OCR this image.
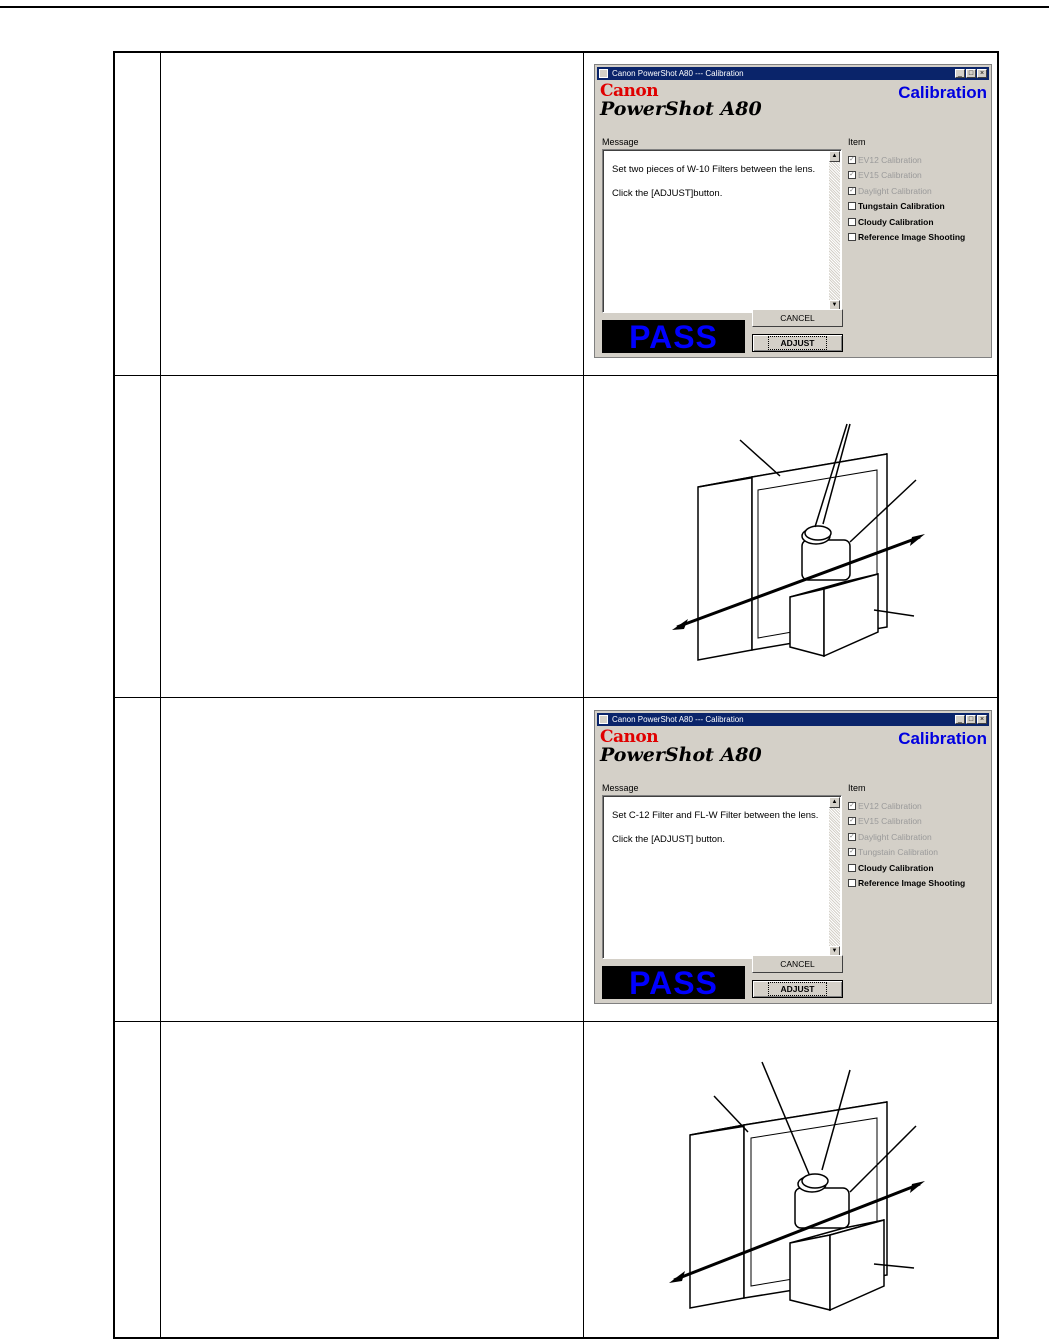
Canon PowerShot A80 --- Calibration	_ □ ×
Canon
PowerShot A80
Calibration
Message	Item
Set two pieces of W-10 Filters between the lens.

Click the [ADJUST]button.
▲
▼
✓ EV12 Calibration
✓ EV15 Calibration
✓ Daylight Calibration
Tungstain Calibration
Cloudy Calibration
Reference Image Shooting
PASS
CANCEL
ADJUST
Canon PowerShot A80 --- Calibration	_ □ ×
Canon
PowerShot A80
Calibration
Message	Item
Set C-12 Filter and FL-W Filter between the lens.

Click the [ADJUST] button.
▲
▼
✓ EV12 Calibration
✓ EV15 Calibration
✓ Daylight Calibration
✓ Tungstain Calibration
Cloudy Calibration
Reference Image Shooting
PASS
CANCEL
ADJUST
